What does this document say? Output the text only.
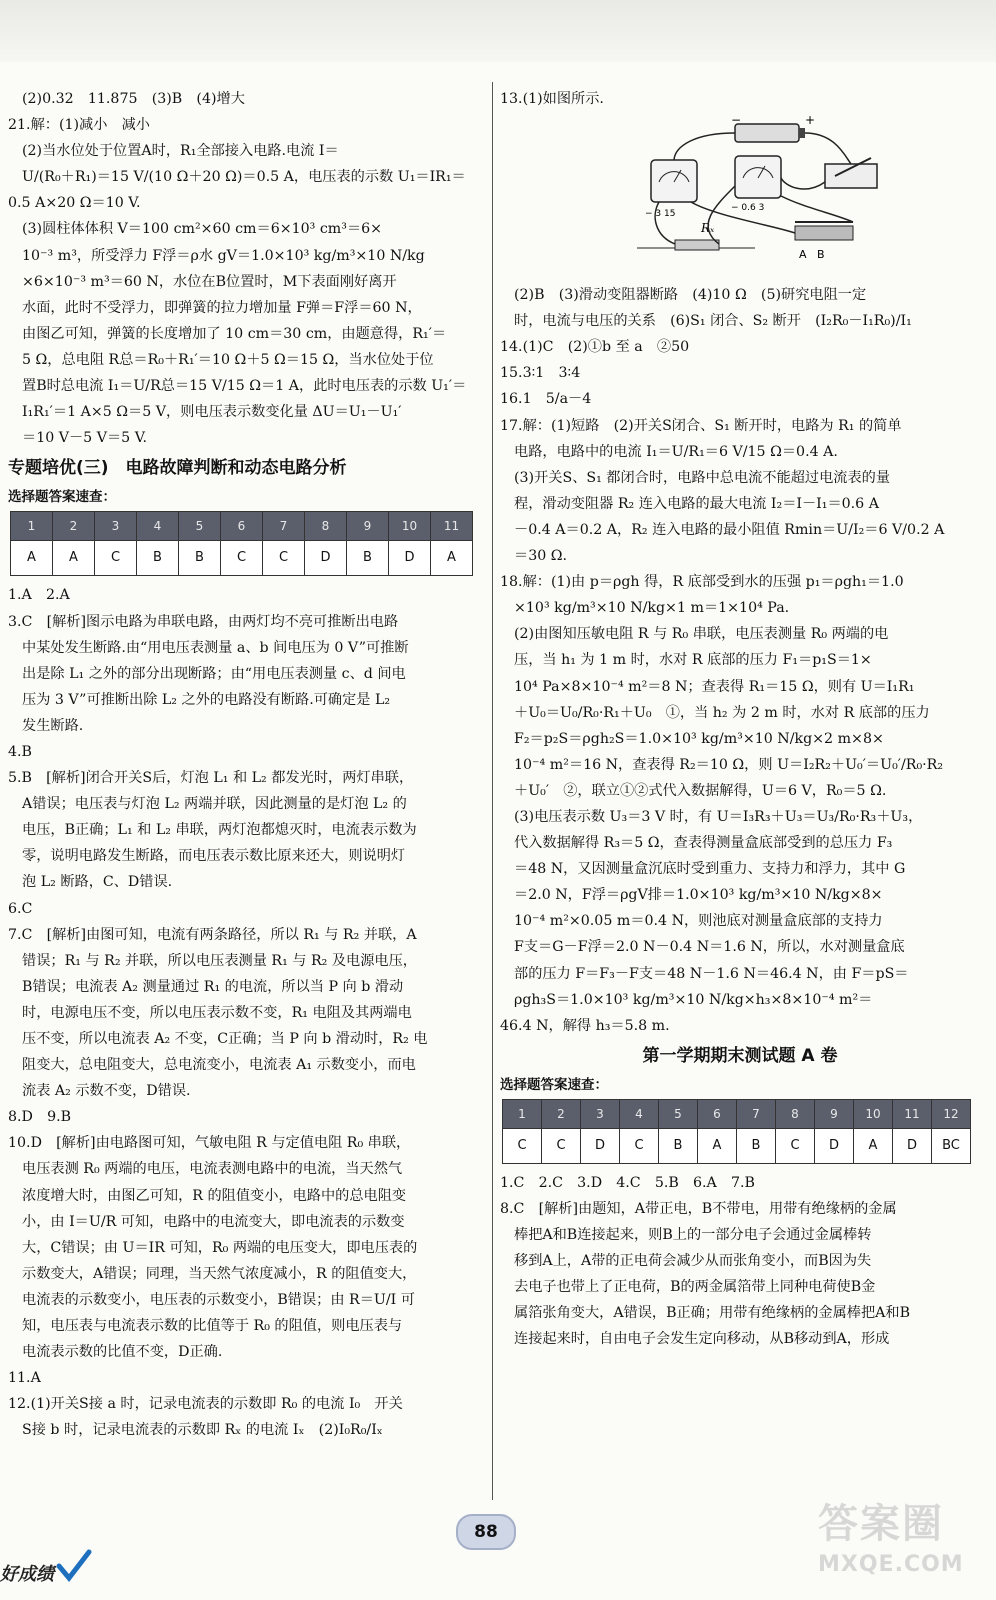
(2)0.32　11.875　(3)B　(4)增大
21.解：(1)减小　减小
(2)当水位处于位置A时，R₁全部接入电路.电流 I＝
U/(R₀＋R₁)＝15 V/(10 Ω＋20 Ω)＝0.5 A，电压表的示数 U₁＝IR₁＝
0.5 A×20 Ω＝10 V.
(3)圆柱体体积 V＝100 cm²×60 cm＝6×10³ cm³＝6×
10⁻³ m³，所受浮力 F浮＝ρ水 gV＝1.0×10³ kg/m³×10 N/kg
×6×10⁻³ m³＝60 N，水位在B位置时，M下表面刚好离开
水面，此时不受浮力，即弹簧的拉力增加量 F弹＝F浮＝60 N，
由图乙可知，弹簧的长度增加了 10 cm＝30 cm，由题意得，R₁′＝
5 Ω，总电阻 R总＝R₀＋R₁′＝10 Ω＋5 Ω＝15 Ω，当水位处于位
置B时总电流 I₁＝U/R总＝15 V/15 Ω＝1 A，此时电压表的示数 U₁′＝
I₁R₁′＝1 A×5 Ω＝5 V，则电压表示数变化量 ΔU＝U₁－U₁′
＝10 V－5 V＝5 V.
专题培优(三)　电路故障判断和动态电路分析
选择题答案速查：
1	2	3	4	5	6	7	8	9	10	11
A	A	C	B	B	C	C	D	B	D	A
1.A　2.A
3.C　[解析]图示电路为串联电路，由两灯均不亮可推断出电路
中某处发生断路.由“用电压表测量 a、b 间电压为 0 V”可推断
出是除 L₁ 之外的部分出现断路；由“用电压表测量 c、d 间电
压为 3 V”可推断出除 L₂ 之外的电路没有断路.可确定是 L₂
发生断路.
4.B
5.B　[解析]闭合开关S后，灯泡 L₁ 和 L₂ 都发光时，两灯串联，
A错误；电压表与灯泡 L₂ 两端并联，因此测量的是灯泡 L₂ 的
电压，B正确；L₁ 和 L₂ 串联，两灯泡都熄灭时，电流表示数为
零，说明电路发生断路，而电压表示数比原来还大，则说明灯
泡 L₂ 断路，C、D错误.
6.C
7.C　[解析]由图可知，电流有两条路径，所以 R₁ 与 R₂ 并联，A
错误；R₁ 与 R₂ 并联，所以电压表测量 R₁ 与 R₂ 及电源电压，
B错误；电流表 A₂ 测量通过 R₁ 的电流，所以当 P 向 b 滑动
时，电源电压不变，所以电压表示数不变，R₁ 电阻及其两端电
压不变，所以电流表 A₂ 不变，C正确；当 P 向 b 滑动时，R₂ 电
阻变大，总电阻变大，总电流变小，电流表 A₁ 示数变小，而电
流表 A₂ 示数不变，D错误.
8.D　9.B
10.D　[解析]由电路图可知，气敏电阻 R 与定值电阻 R₀ 串联，
电压表测 R₀ 两端的电压，电流表测电路中的电流，当天然气
浓度增大时，由图乙可知，R 的阻值变小，电路中的总电阻变
小，由 I＝U/R 可知，电路中的电流变大，即电流表的示数变
大，C错误；由 U＝IR 可知，R₀ 两端的电压变大，即电压表的
示数变大，A错误；同理，当天然气浓度减小，R 的阻值变大，
电流表的示数变小，电压表的示数变小，B错误；由 R＝U/I 可
知，电压表与电流表示数的比值等于 R₀ 的阻值，则电压表与
电流表示数的比值不变，D正确.
11.A
12.(1)开关S接 a 时，记录电流表的示数即 R₀ 的电流 I₀　开关
S接 b 时，记录电流表的示数即 Rₓ 的电流 Iₓ　(2)I₀R₀/Iₓ
13.(1)如图所示.
−	+
− 3 15
− 0.6 3
Rₓ
A B
(2)B　(3)滑动变阻器断路　(4)10 Ω　(5)研究电阻一定
时，电流与电压的关系　(6)S₁ 闭合、S₂ 断开　(I₂R₀－I₁R₀)/I₁
14.(1)C　(2)①b 至 a　②50
15.3∶1　3∶4
16.1　5/a－4
17.解：(1)短路　(2)开关S闭合、S₁ 断开时，电路为 R₁ 的简单
电路，电路中的电流 I₁＝U/R₁＝6 V/15 Ω＝0.4 A.
(3)开关S、S₁ 都闭合时，电路中总电流不能超过电流表的量
程，滑动变阻器 R₂ 连入电路的最大电流 I₂＝I－I₁＝0.6 A
－0.4 A＝0.2 A，R₂ 连入电路的最小阻值 Rmin＝U/I₂＝6 V/0.2 A
＝30 Ω.
18.解：(1)由 p＝ρgh 得，R 底部受到水的压强 p₁＝ρgh₁＝1.0
×10³ kg/m³×10 N/kg×1 m＝1×10⁴ Pa.
(2)由图知压敏电阻 R 与 R₀ 串联，电压表测量 R₀ 两端的电
压，当 h₁ 为 1 m 时，水对 R 底部的压力 F₁＝p₁S＝1×
10⁴ Pa×8×10⁻⁴ m²＝8 N；查表得 R₁＝15 Ω，则有 U＝I₁R₁
＋U₀＝U₀/R₀·R₁＋U₀　①，当 h₂ 为 2 m 时，水对 R 底部的压力
F₂＝p₂S＝ρgh₂S＝1.0×10³ kg/m³×10 N/kg×2 m×8×
10⁻⁴ m²＝16 N，查表得 R₂＝10 Ω，则 U＝I₂R₂＋U₀′＝U₀′/R₀·R₂
＋U₀′　②，联立①②式代入数据解得，U＝6 V，R₀＝5 Ω.
(3)电压表示数 U₃＝3 V 时，有 U＝I₃R₃＋U₃＝U₃/R₀·R₃＋U₃，
代入数据解得 R₃＝5 Ω，查表得测量盒底部受到的总压力 F₃
＝48 N，又因测量盒沉底时受到重力、支持力和浮力，其中 G
＝2.0 N，F浮＝ρgV排＝1.0×10³ kg/m³×10 N/kg×8×
10⁻⁴ m²×0.05 m＝0.4 N，则池底对测量盒底部的支持力
F支＝G－F浮＝2.0 N－0.4 N＝1.6 N，所以，水对测量盒底
部的压力 F＝F₃－F支＝48 N－1.6 N＝46.4 N，由 F＝pS＝
ρgh₃S＝1.0×10³ kg/m³×10 N/kg×h₃×8×10⁻⁴ m²＝
46.4 N，解得 h₃＝5.8 m.
第一学期期末测试题 A 卷
选择题答案速查：
1	2	3	4	5	6	7	8	9	10	11	12
C	C	D	C	B	A	B	C	D	A	D	BC
1.C　2.C　3.D　4.C　5.B　6.A　7.B
8.C　[解析]由题知，A带正电，B不带电，用带有绝缘柄的金属
棒把A和B连接起来，则B上的一部分电子会通过金属棒转
移到A上，A带的正电荷会减少从而张角变小，而B因为失
去电子也带上了正电荷，B的两金属箔带上同种电荷使B金
属箔张角变大，A错误，B正确；用带有绝缘柄的金属棒把A和B
连接起来时，自由电子会发生定向移动，从B移动到A，形成
88
好成绩
答案圈
MXQE.COM
